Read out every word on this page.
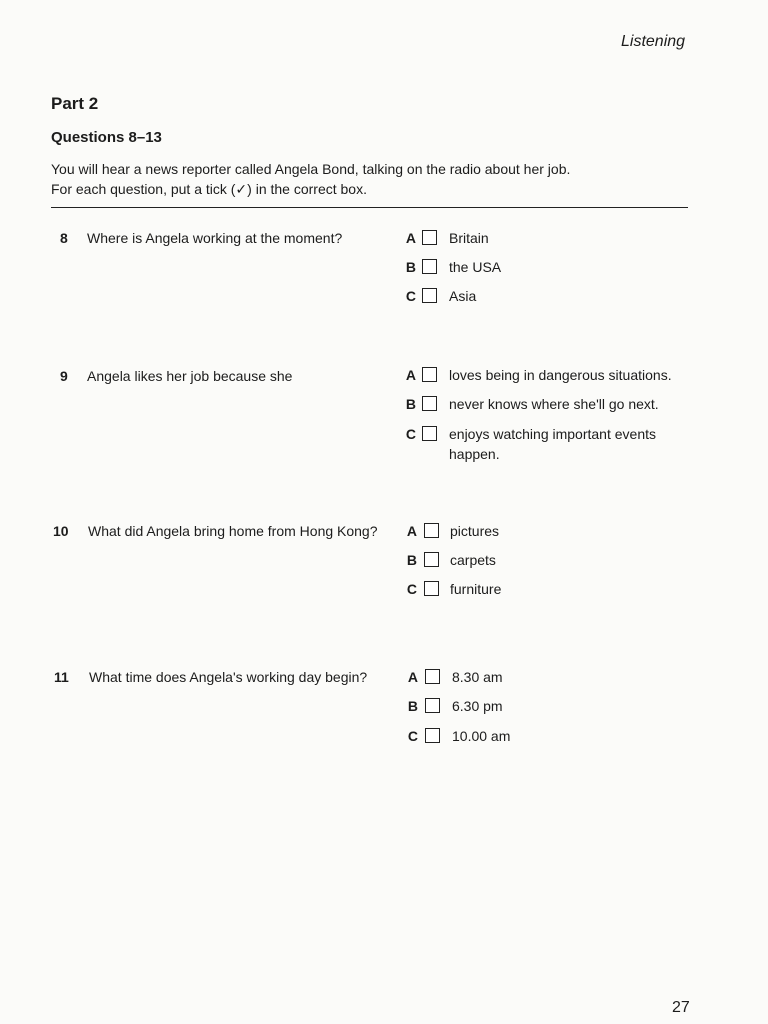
Listening
Part 2
Questions 8–13
You will hear a news reporter called Angela Bond, talking on the radio about her job.
For each question, put a tick (✓) in the correct box.
8 Where is Angela working at the moment?	A Britain
B the USA
C Asia
9 Angela likes her job because she	A loves being in dangerous situations.
B never knows where she'll go next.
C enjoys watching important events happen.
10 What did Angela bring home from Hong Kong? A pictures
B carpets
C furniture
11 What time does Angela's working day begin?	A 8.30 am
B 6.30 pm
C 10.00 am
27
